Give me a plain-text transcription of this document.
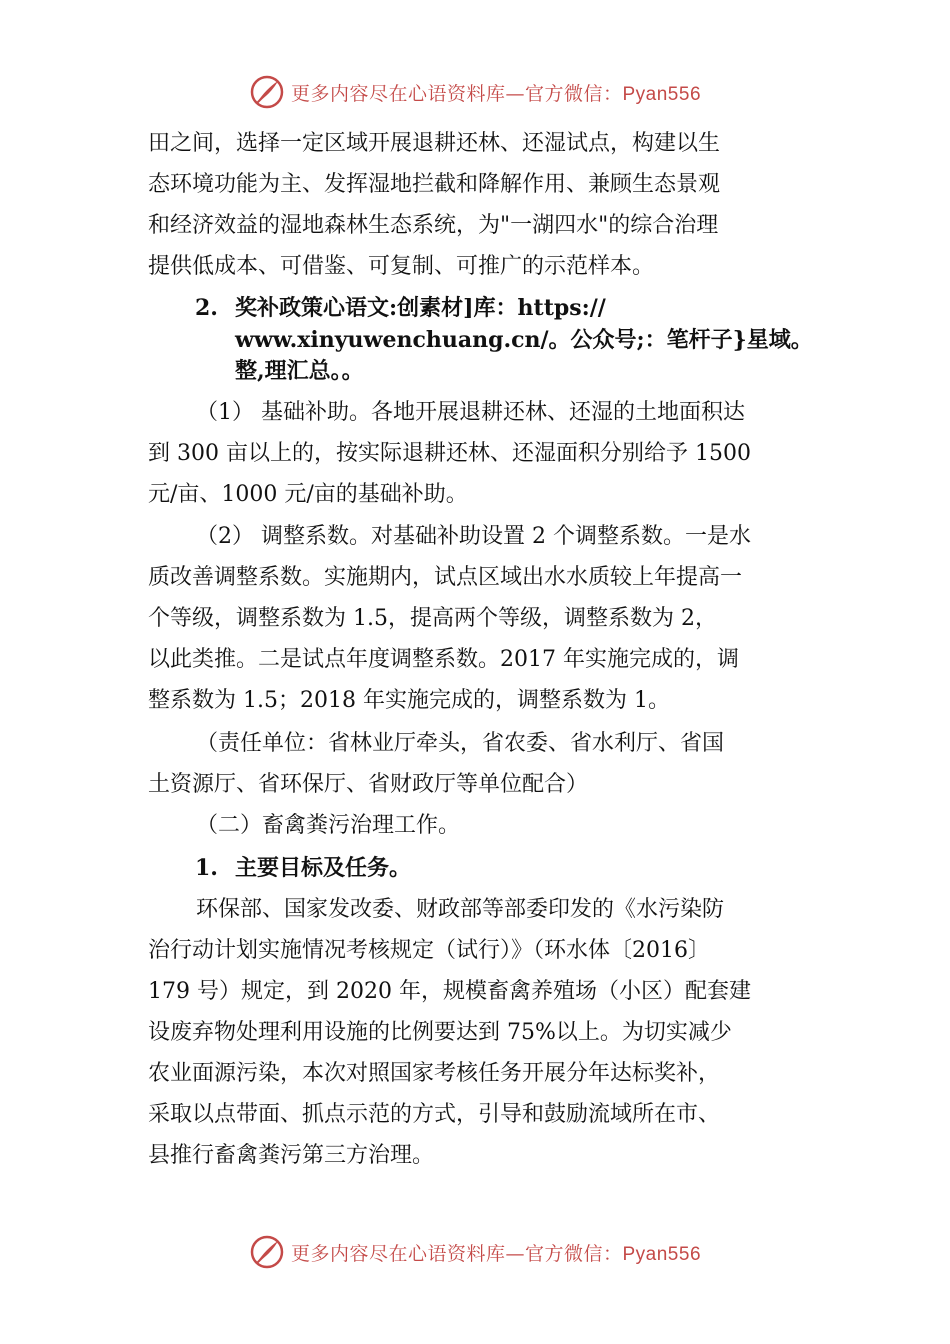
更多内容尽在心语资料库—官方微信：Pyan556
田之间，选择一定区域开展退耕还林、还湿试点，构建以生
态环境功能为主、发挥湿地拦截和降解作用、兼顾生态景观
和经济效益的湿地森林生态系统，为"一湖四水"的综合治理
提供低成本、可借鉴、可复制、可推广的示范样本。
2. 奖补政策心语文:创素材]库：https://
www.xinyuwenchuang.cn/。公众号;：笔杆子}星域。
整,理汇总。。
（1） 基础补助。各地开展退耕还林、还湿的土地面积达
到 300 亩以上的，按实际退耕还林、还湿面积分别给予 1500
元/亩、1000 元/亩的基础补助。
（2） 调整系数。对基础补助设置 2 个调整系数。一是水
质改善调整系数。实施期内，试点区域出水水质较上年提高一
个等级，调整系数为 1.5，提高两个等级，调整系数为 2，
以此类推。二是试点年度调整系数。2017 年实施完成的，调
整系数为 1.5；2018 年实施完成的，调整系数为 1。
（责任单位：省林业厅牵头，省农委、省水利厅、省国
土资源厅、省环保厅、省财政厅等单位配合）
（二）畜禽粪污治理工作。
1. 主要目标及任务。
环保部、国家发改委、财政部等部委印发的《水污染防
治行动计划实施情况考核规定（试行）》（环水体〔2016〕
179 号）规定，到 2020 年，规模畜禽养殖场（小区）配套建
设废弃物处理利用设施的比例要达到 75%以上。为切实减少
农业面源污染，本次对照国家考核任务开展分年达标奖补，
采取以点带面、抓点示范的方式，引导和鼓励流域所在市、
县推行畜禽粪污第三方治理。
更多内容尽在心语资料库—官方微信：Pyan556
